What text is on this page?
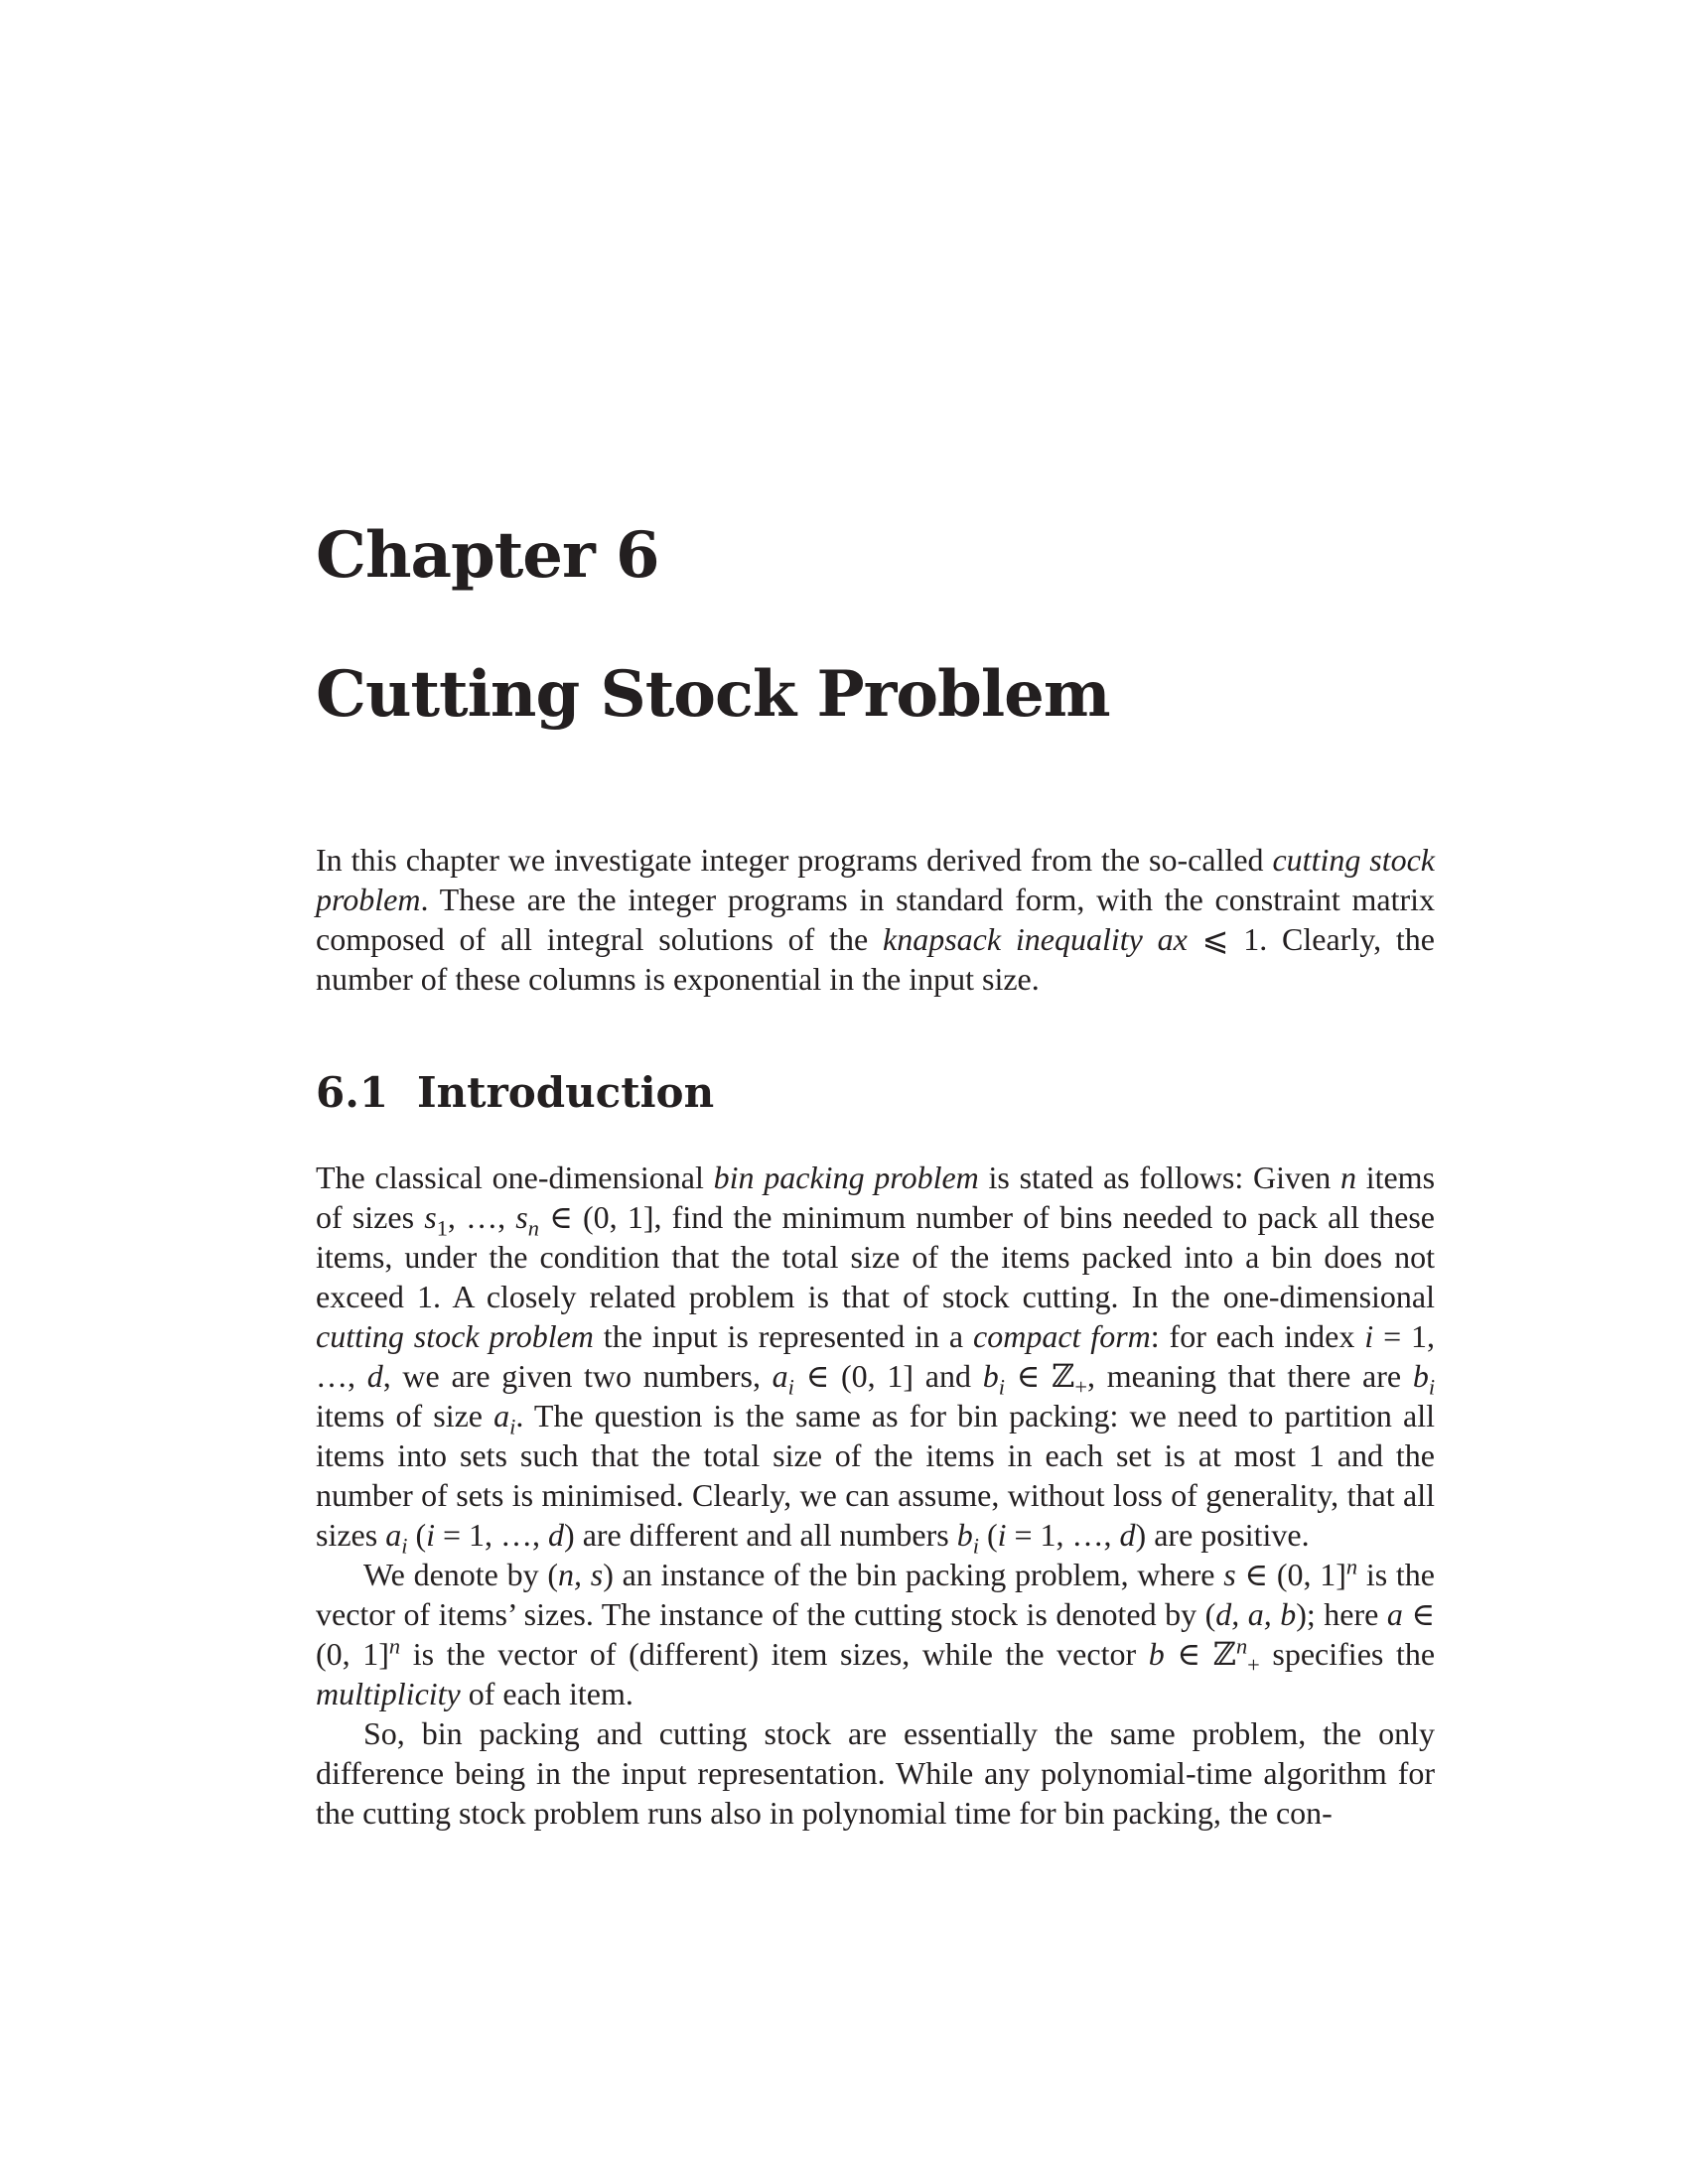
Chapter 6
Cutting Stock Problem

In this chapter we investigate integer programs derived from the so-called cutting stock problem. These are the integer programs in standard form, with the constraint matrix composed of all integral solutions of the knapsack inequality ax ⩽ 1. Clearly, the number of these columns is exponential in the input size.

6.1 Introduction

The classical one-dimensional bin packing problem is stated as follows: Given n items of sizes $s_1$, …, $s_n$ ∈ (0, 1], find the minimum number of bins needed to pack all these items, under the condition that the total size of the items packed into a bin does not exceed 1. A closely related problem is that of stock cutting. In the one-dimensional cutting stock problem the input is represented in a compact form: for each index i = 1, …, d, we are given two numbers, $a_i$ ∈ (0, 1] and $b_i$ ∈ ℤ$_+$, meaning that there are $b_i$ items of size $a_i$. The question is the same as for bin packing: we need to partition all items into sets such that the total size of the items in each set is at most 1 and the number of sets is minimised. Clearly, we can assume, without loss of generality, that all sizes $a_i$ (i = 1, …, d) are different and all numbers $b_i$ (i = 1, …, d) are positive.

We denote by (n, s) an instance of the bin packing problem, where s ∈ (0, 1]$^n$ is the vector of items’ sizes. The instance of the cutting stock is denoted by (d, a, b); here a ∈ (0, 1]$^n$ is the vector of (different) item sizes, while the vector b ∈ ℤ$^n_+$ specifies the multiplicity of each item.

So, bin packing and cutting stock are essentially the same problem, the only difference being in the input representation. While any polynomial-time algorithm for the cutting stock problem runs also in polynomial time for bin packing, the con-
